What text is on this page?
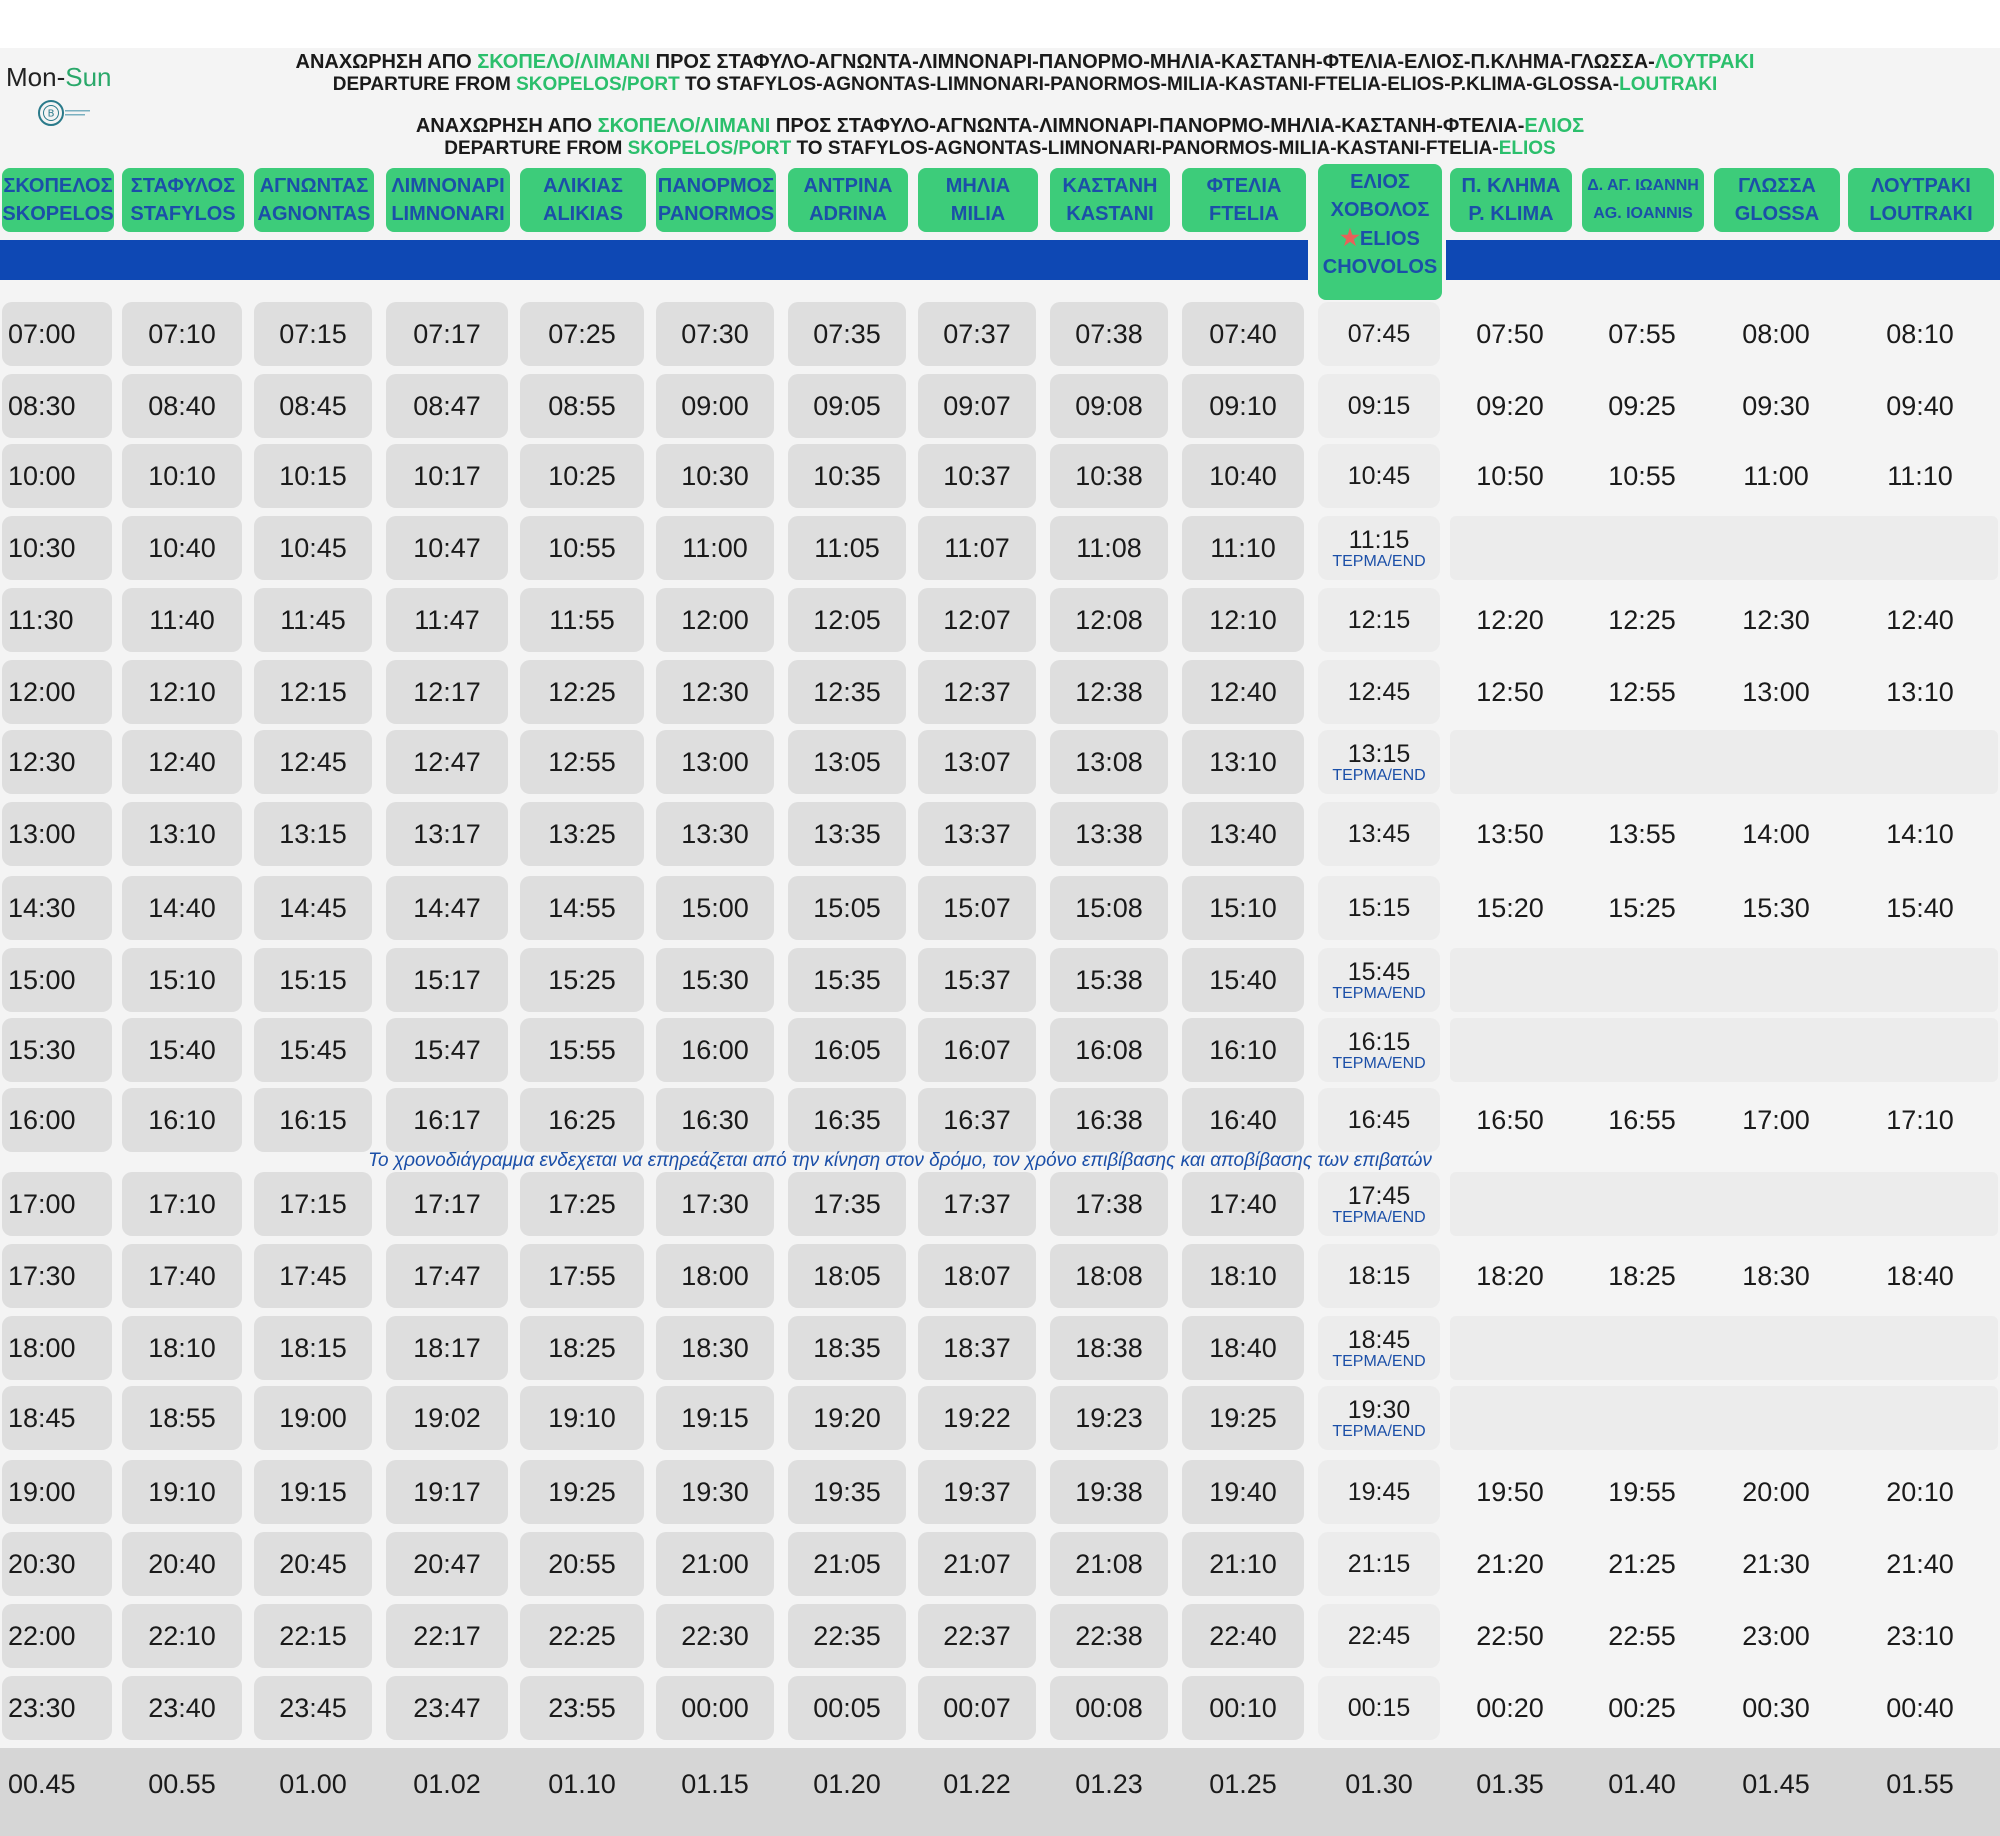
Mon-Sun
Β
ΑΝΑΧΩΡΗΣΗ ΑΠΟ ΣΚΟΠΕΛΟ/ΛΙΜΑΝΙ ΠΡΟΣ ΣΤΑΦΥΛΟ-ΑΓΝΩΝΤΑ-ΛΙΜΝΟΝΑΡΙ-ΠΑΝΟΡΜΟ-ΜΗΛΙΑ-ΚΑΣΤΑΝΗ-ΦΤΕΛΙΑ-ΕΛΙΟΣ-Π.ΚΛΗΜΑ-ΓΛΩΣΣΑ-ΛΟΥΤΡΑΚΙ
DEPARTURE FROM SKOPELOS/PORT TO STAFYLOS-AGNONTAS-LIMNONARI-PANORMOS-MILIA-KASTANI-FTELIA-ELIOS-P.KLIMA-GLOSSA-LOUTRAKI
ΑΝΑΧΩΡΗΣΗ ΑΠΟ ΣΚΟΠΕΛΟ/ΛΙΜΑΝΙ ΠΡΟΣ ΣΤΑΦΥΛΟ-ΑΓΝΩΝΤΑ-ΛΙΜΝΟΝΑΡΙ-ΠΑΝΟΡΜΟ-ΜΗΛΙΑ-ΚΑΣΤΑΝΗ-ΦΤΕΛΙΑ-ΕΛΙΟΣ
DEPARTURE FROM SKOPELOS/PORT TO STAFYLOS-AGNONTAS-LIMNONARI-PANORMOS-MILIA-KASTANI-FTELIA-ELIOS
ΣΚΟΠΕΛΟΣ
SKOPELOS
ΣΤΑΦΥΛΟΣ
STAFYLOS
ΑΓΝΩΝΤΑΣ
AGNONTAS
ΛΙΜΝΟΝΑΡΙ
LIMNONARI
ΑΛΙΚΙΑΣ
ALIKIAS
ΠΑΝΟΡΜΟΣ
PANORMOS
ΑΝΤΡΙΝΑ
ADRINA
ΜΗΛΙΑ
MILIA
ΚΑΣΤΑΝΗ
KASTANI
ΦΤΕΛΙΑ
FTELIA
ΕΛΙΟΣ
ΧΟΒΟΛΟΣ
★ELIOS
CHOVOLOS
Π. ΚΛΗΜΑ
P. KLIMA
Δ. ΑΓ. ΙΩΑΝΝΗ
AG. IOANNIS
ΓΛΩΣΣΑ
GLOSSA
ΛΟΥΤΡΑΚΙ
LOUTRAKI
07:00	07:10 07:15 07:17 07:25 07:30 07:35 07:37 07:38 07:40	07:45 07:50 07:55 08:00	08:10
08:30	08:40 08:45 08:47 08:55 09:00 09:05 09:07 09:08 09:10	09:15 09:20 09:25 09:30	09:40
10:00	10:10 10:15 10:17 10:25 10:30 10:35 10:37 10:38 10:40	10:45 10:50 10:55 11:00	11:10
10:30	10:40 10:45 10:47 10:55 11:00 11:05 11:07 11:08	11:10	11:15
ΤΕΡΜΑ/END
11:30	11:40 11:45	11:47	11:55 12:00 12:05 12:07 12:08 12:10	12:15 12:20 12:25 12:30	12:40
12:00	12:10 12:15 12:17 12:25 12:30 12:35 12:37 12:38 12:40	12:45 12:50 12:55 13:00	13:10
12:30	12:40 12:45 12:47 12:55 13:00 13:05 13:07 13:08 13:10	13:15
ΤΕΡΜΑ/END
13:00	13:10 13:15 13:17 13:25 13:30 13:35 13:37 13:38 13:40	13:45 13:50 13:55 14:00	14:10
14:30	14:40 14:45 14:47 14:55 15:00 15:05 15:07 15:08 15:10	15:15 15:20 15:25 15:30	15:40
15:00	15:10 15:15 15:17 15:25 15:30 15:35 15:37 15:38 15:40	15:45
ΤΕΡΜΑ/END
15:30	15:40 15:45 15:47 15:55 16:00 16:05 16:07 16:08 16:10	16:15
ΤΕΡΜΑ/END
16:00	16:10 16:15 16:17 16:25 16:30 16:35 16:37 16:38 16:40	16:45 16:50 16:55 17:00	17:10
17:00	17:10 17:15 17:17 17:25 17:30 17:35 17:37 17:38 17:40	17:45
ΤΕΡΜΑ/END
17:30	17:40 17:45 17:47 17:55 18:00 18:05 18:07 18:08 18:10	18:15 18:20 18:25 18:30	18:40
18:00	18:10 18:15 18:17 18:25 18:30 18:35 18:37 18:38 18:40	18:45
ΤΕΡΜΑ/END
18:45	18:55 19:00 19:02 19:10 19:15 19:20 19:22 19:23 19:25	19:30
ΤΕΡΜΑ/END
19:00	19:10 19:15 19:17 19:25 19:30 19:35 19:37 19:38 19:40	19:45 19:50 19:55 20:00	20:10
20:30	20:40 20:45 20:47 20:55 21:00 21:05 21:07 21:08 21:10	21:15 21:20 21:25 21:30	21:40
22:00	22:10 22:15 22:17 22:25 22:30 22:35 22:37 22:38 22:40	22:45 22:50 22:55 23:00	23:10
23:30	23:40 23:45 23:47 23:55 00:00 00:05 00:07 00:08 00:10	00:15 00:20 00:25 00:30	00:40
00.45	00.55 01.00 01.02 01.10 01.15 01.20 01.22 01.23 01.25	01.30 01.35 01.40 01.45	01.55
Το χρονοδιάγραμμα ενδεχεται να επηρεάζεται από την κίνηση στον δρόμο, τον χρόνο επιβίβασης και αποβίβασης των επιβατών
